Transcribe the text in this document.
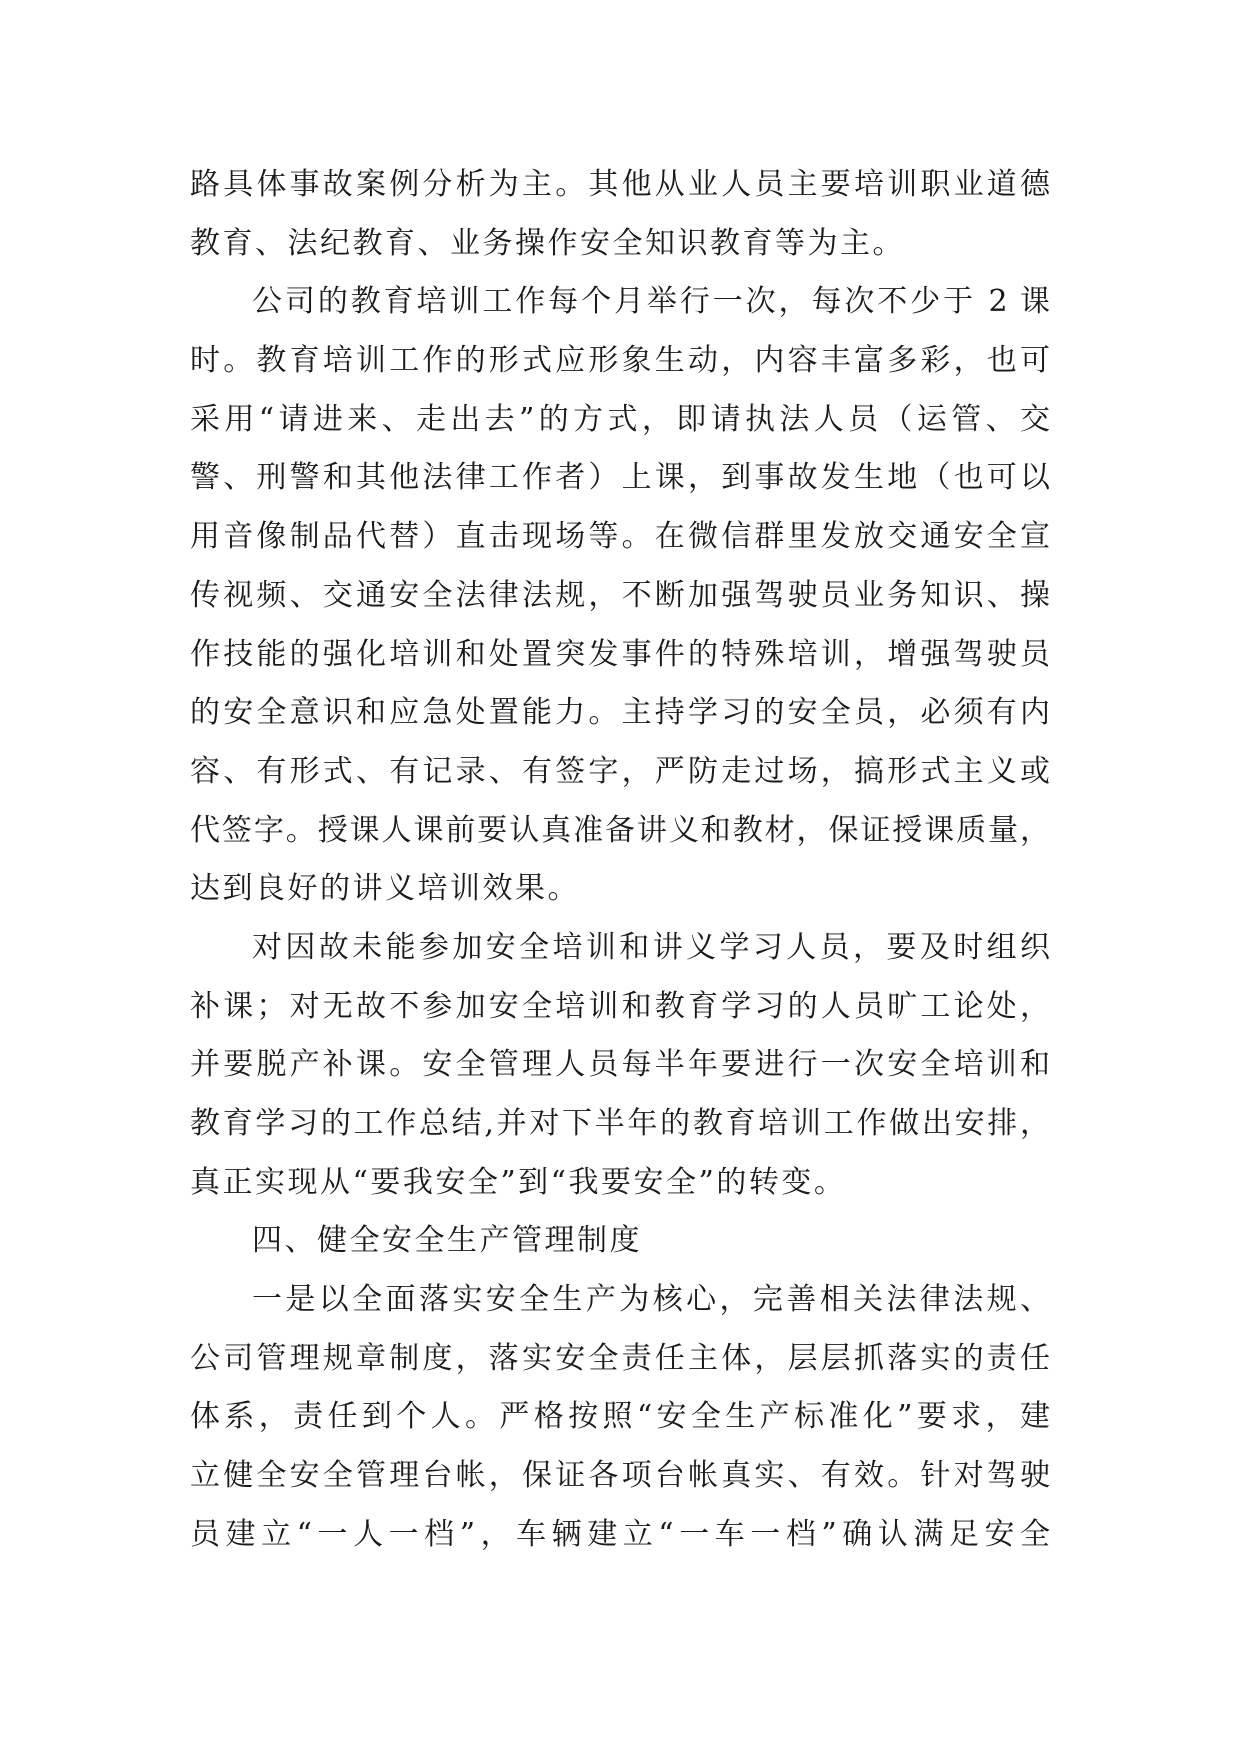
路具体事故案例分析为主。其他从业人员主要培训职业道德
教育、法纪教育、业务操作安全知识教育等为主。
公司的教育培训工作每个月举行一次，每次不少于 2 课
时。教育培训工作的形式应形象生动，内容丰富多彩，也可
采用“请进来、走出去”的方式，即请执法人员（运管、交
警、刑警和其他法律工作者）上课，到事故发生地（也可以
用音像制品代替）直击现场等。在微信群里发放交通安全宣
传视频、交通安全法律法规，不断加强驾驶员业务知识、操
作技能的强化培训和处置突发事件的特殊培训，增强驾驶员
的安全意识和应急处置能力。主持学习的安全员，必须有内
容、有形式、有记录、有签字，严防走过场，搞形式主义或
代签字。授课人课前要认真准备讲义和教材，保证授课质量，
达到良好的讲义培训效果。
对因故未能参加安全培训和讲义学习人员，要及时组织
补课；对无故不参加安全培训和教育学习的人员旷工论处，
并要脱产补课。安全管理人员每半年要进行一次安全培训和
教育学习的工作总结,并对下半年的教育培训工作做出安排，
真正实现从“要我安全”到“我要安全”的转变。
四、健全安全生产管理制度
一是以全面落实安全生产为核心，完善相关法律法规、
公司管理规章制度，落实安全责任主体，层层抓落实的责任
体系，责任到个人。严格按照“安全生产标准化”要求，建
立健全安全管理台帐，保证各项台帐真实、有效。针对驾驶
员建立“一人一档”，车辆建立“一车一档”确认满足安全
